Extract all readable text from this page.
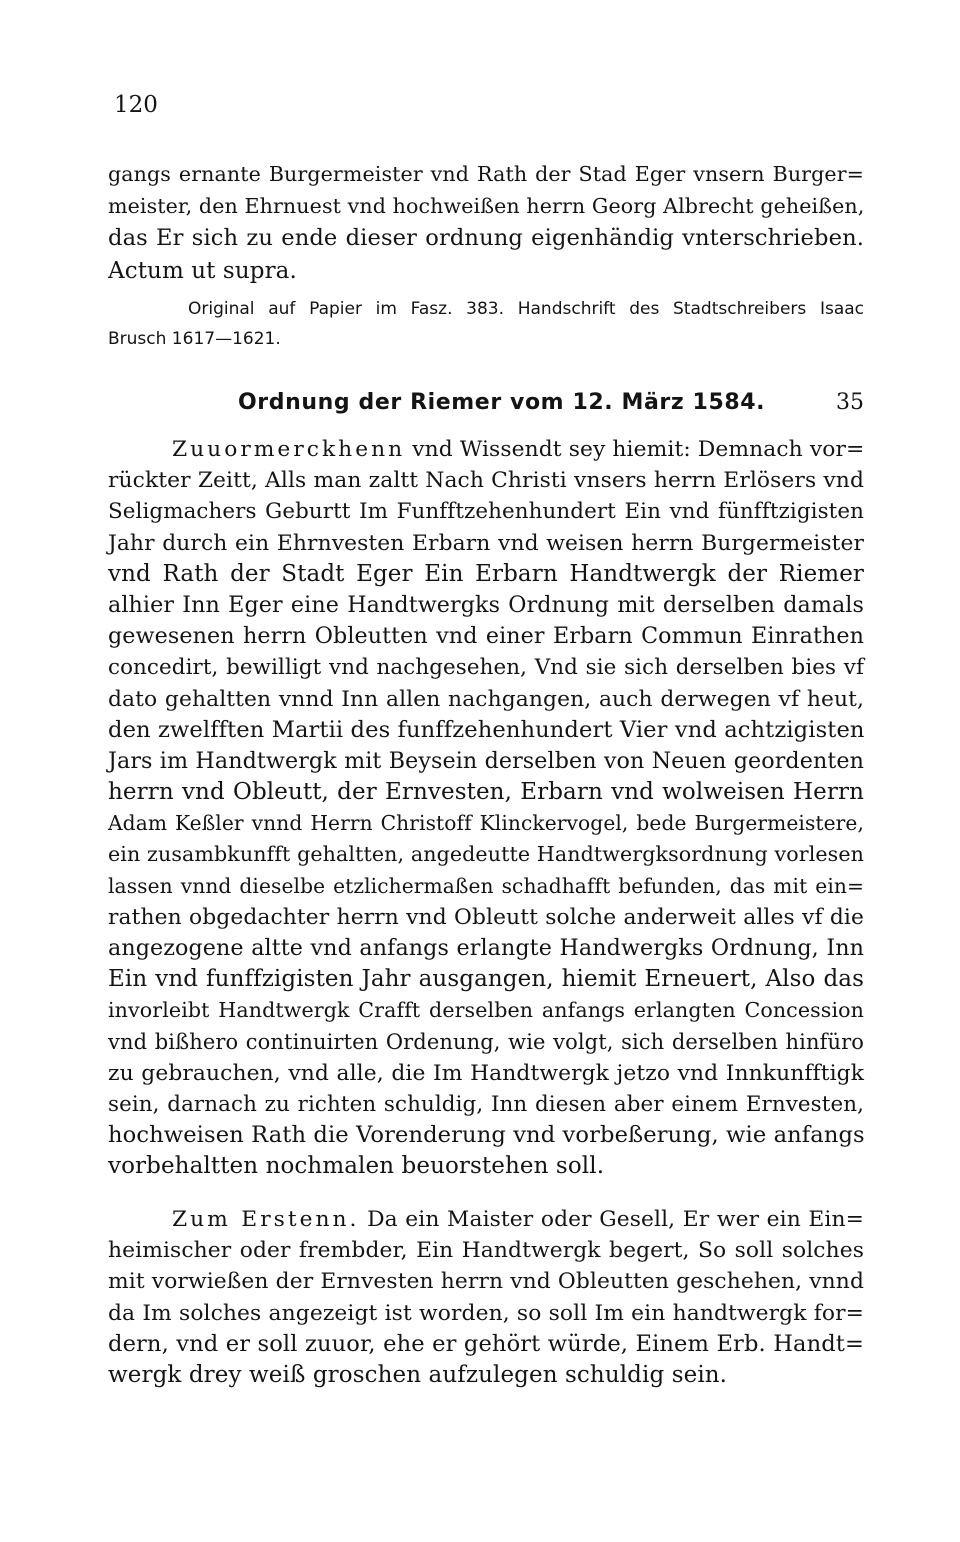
120
gangs ernante Burgermeister vnd Rath der Stad Eger vnsern Burger=
meister, den Ehrnuest vnd hochweißen herrn Georg Albrecht geheißen,
das Er sich zu ende dieser ordnung eigenhändig vnterschrieben.
Actum ut supra.
Original auf Papier im Fasz. 383. Handschrift des Stadtschreibers Isaac
Brusch 1617—1621.
Ordnung der Riemer vom 12. März 1584.	35
Zuuormerckhenn vnd Wissendt sey hiemit: Demnach vor=
rückter Zeitt, Alls man zaltt Nach Christi vnsers herrn Erlösers vnd
Seligmachers Geburtt Im Funfftzehenhundert Ein vnd fünfftzigisten
Jahr durch ein Ehrnvesten Erbarn vnd weisen herrn Burgermeister
vnd Rath der Stadt Eger Ein Erbarn Handtwergk der Riemer
alhier Inn Eger eine Handtwergks Ordnung mit derselben damals
gewesenen herrn Obleutten vnd einer Erbarn Commun Einrathen
concedirt, bewilligt vnd nachgesehen, Vnd sie sich derselben bies vf
dato gehaltten vnnd Inn allen nachgangen, auch derwegen vf heut,
den zwelfften Martii des funffzehenhundert Vier vnd achtzigisten
Jars im Handtwergk mit Beysein derselben von Neuen geordenten
herrn vnd Obleutt, der Ernvesten, Erbarn vnd wolweisen Herrn
Adam Keßler vnnd Herrn Christoff Klinckervogel, bede Burgermeistere,
ein zusambkunfft gehaltten, angedeutte Handtwergksordnung vorlesen
lassen vnnd dieselbe etzlichermaßen schadhafft befunden, das mit ein=
rathen obgedachter herrn vnd Obleutt solche anderweit alles vf die
angezogene altte vnd anfangs erlangte Handwergks Ordnung, Inn
Ein vnd funffzigisten Jahr ausgangen, hiemit Erneuert, Also das
invorleibt Handtwergk Crafft derselben anfangs erlangten Concession
vnd bißhero continuirten Ordenung, wie volgt, sich derselben hinfüro
zu gebrauchen, vnd alle, die Im Handtwergk jetzo vnd Innkunfftigk
sein, darnach zu richten schuldig, Inn diesen aber einem Ernvesten,
hochweisen Rath die Vorenderung vnd vorbeßerung, wie anfangs
vorbehaltten nochmalen beuorstehen soll.
Zum Erstenn. Da ein Maister oder Gesell, Er wer ein Ein=
heimischer oder frembder, Ein Handtwergk begert, So soll solches
mit vorwießen der Ernvesten herrn vnd Obleutten geschehen, vnnd
da Im solches angezeigt ist worden, so soll Im ein handtwergk for=
dern, vnd er soll zuuor, ehe er gehört würde, Einem Erb. Handt=
wergk drey weiß groschen aufzulegen schuldig sein.
